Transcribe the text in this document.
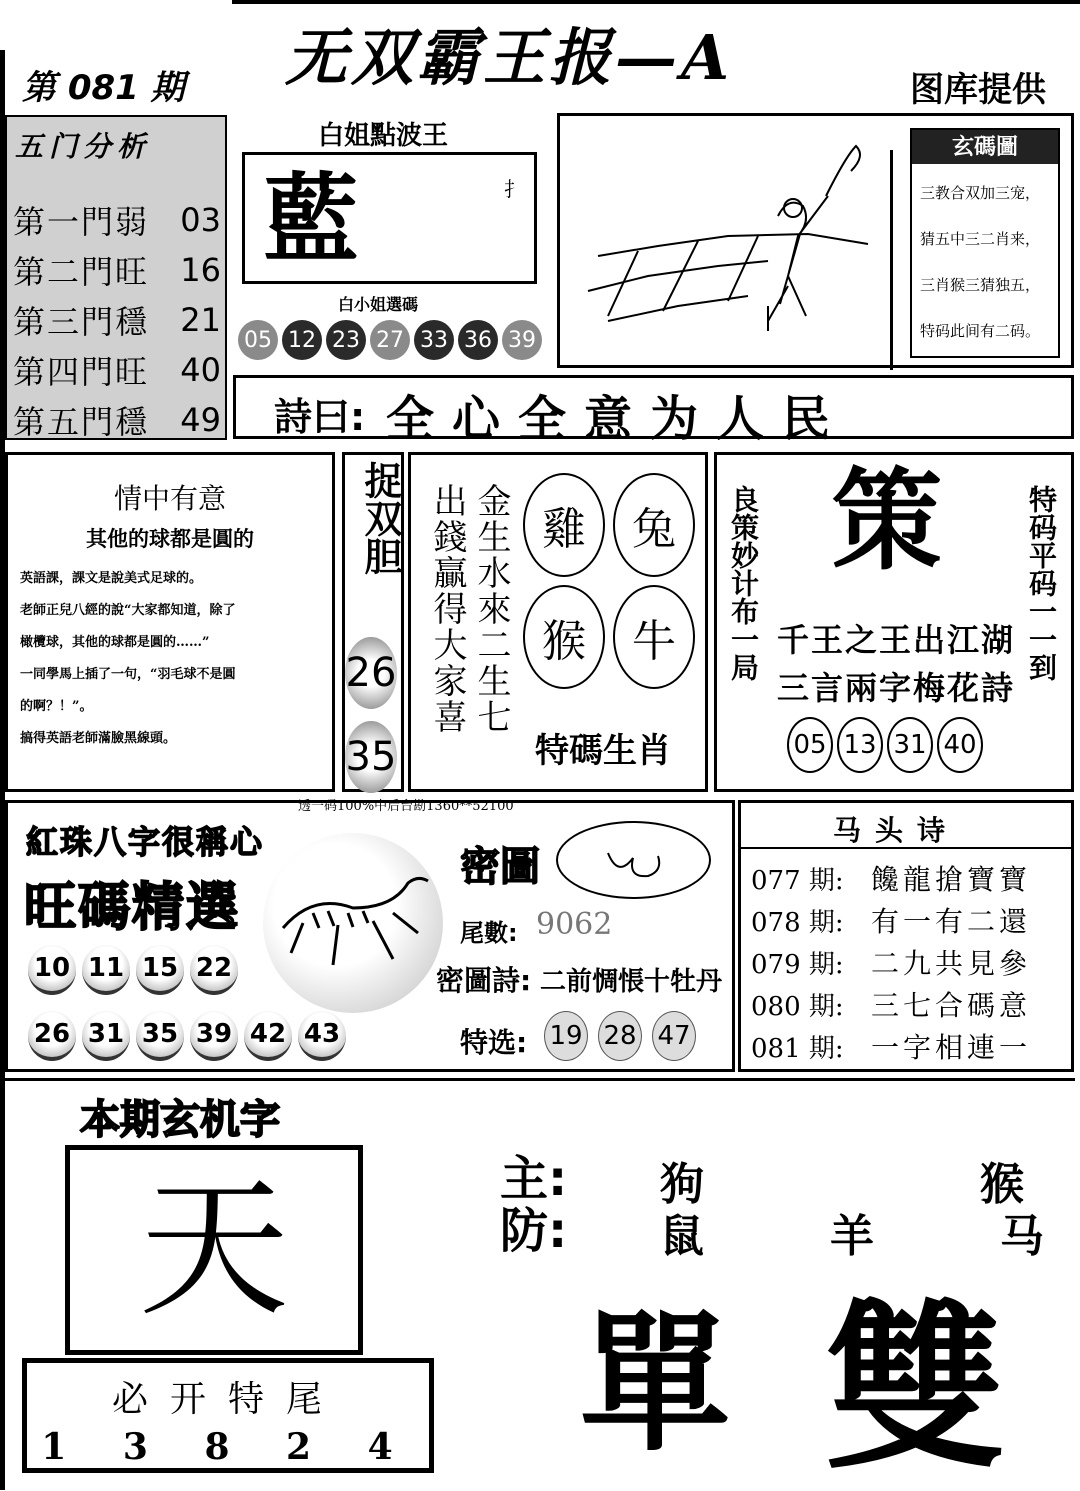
第 081 期 无双霸王报—A	图库提供
五门分析
第一門弱 03
第二門旺 16
第三門穩 21
第四門旺 40
第五門穩 49
白姐點波王
藍	扌
白小姐選碼
05 12 23 27 33 36 39
玄碼圖
三教合双加三宠，
猜五中三二肖来，
三肖猴三猜独五，
特码此间有二码。
詩曰: 全心全意为人民
情中有意
其他的球都是圓的
英語課，課文是說美式足球的。
老師正兒八經的說“大家都知道，除了
橄欖球，其他的球都是圓的……”
一同學馬上插了一句，“羽毛球不是圓
的啊？！”。
搞得英語老師滿臉黑線頭。
捉双胆
2635
出錢贏得大家喜 金生水來二生七 雞	兔
猴	牛
特碼生肖
良策妙计布一局 策
千王之王出江湖
三言兩字梅花詩
05 13 31 40
特码平码一一到
透一码100%中后台勘1360**52100
紅珠八字很稱心
旺碼精選
10 11 15 22
26 31 35 39 42 43
密圖
尾數: 9062
密圖詩: 二前惆悵十牡丹
特选: 19 28 47
马头诗
077 期: 饞龍搶寶寶
078 期: 有一有二還
079 期: 二九共見參
080 期: 三七合碼意
081 期: 一字相連一
本期玄机字
天
必开特尾
1 3 8 2 4
主: 狗	猴
防: 鼠	羊	马
單 雙
